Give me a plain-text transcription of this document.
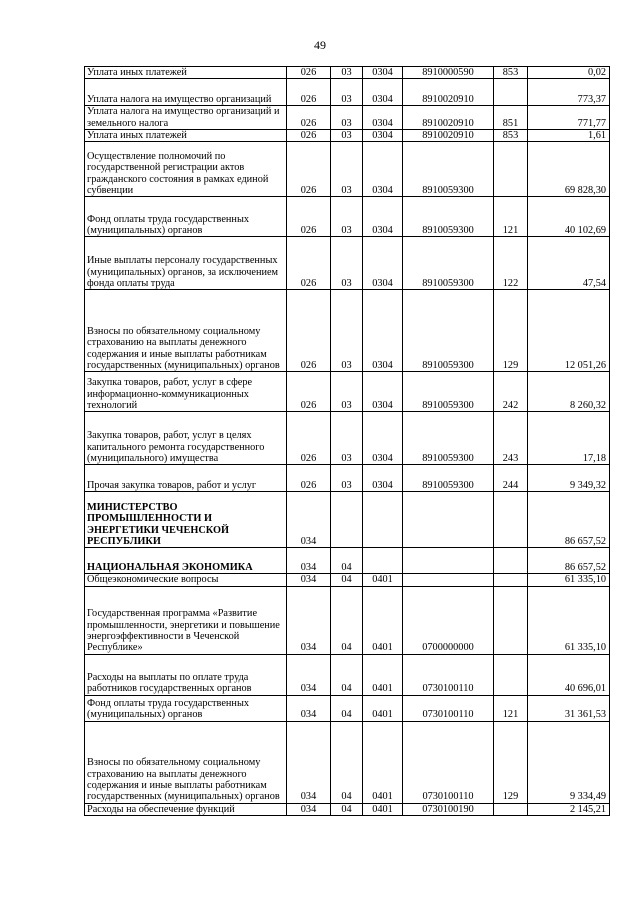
49
Уплата иных платежей	026	03	0304	8910000590	853	0,02
Уплата налога на имущество организаций	026	03	0304	8910020910		773,37
Уплата налога на имущество организаций и земельного налога	026	03	0304	8910020910	851	771,77
Уплата иных платежей	026	03	0304	8910020910	853	1,61
Осуществление полномочий по государственной регистрации актов гражданского состояния в рамках единой субвенции	026	03	0304	8910059300		69 828,30
Фонд оплаты труда государственных (муниципальных) органов	026	03	0304	8910059300	121	40 102,69
Иные выплаты персоналу государственных (муниципальных) органов, за исключением фонда оплаты труда	026	03	0304	8910059300	122	47,54
Взносы по обязательному социальному страхованию на выплаты денежного содержания и иные выплаты работникам государственных (муниципальных) органов	026	03	0304	8910059300	129	12 051,26
Закупка товаров, работ, услуг в сфере информационно-коммуникационных технологий	026	03	0304	8910059300	242	8 260,32
Закупка товаров, работ, услуг в целях капитального ремонта государственного (муниципального) имущества	026	03	0304	8910059300	243	17,18
Прочая закупка товаров, работ и услуг	026	03	0304	8910059300	244	9 349,32
МИНИСТЕРСТВО ПРОМЫШЛЕННОСТИ И ЭНЕРГЕТИКИ ЧЕЧЕНСКОЙ РЕСПУБЛИКИ	034					86 657,52
НАЦИОНАЛЬНАЯ ЭКОНОМИКА	034	04				86 657,52
Общеэкономические вопросы	034	04	0401			61 335,10
Государственная программа «Развитие промышленности, энергетики и повышение энергоэффективности в Чеченской Республике»	034	04	0401	0700000000		61 335,10
Расходы на выплаты по оплате труда работников государственных органов	034	04	0401	0730100110		40 696,01
Фонд оплаты труда государственных (муниципальных) органов	034	04	0401	0730100110	121	31 361,53
Взносы по обязательному социальному страхованию на выплаты денежного содержания и иные выплаты работникам государственных (муниципальных) органов	034	04	0401	0730100110	129	9 334,49
Расходы на обеспечение функций	034	04	0401	0730100190		2 145,21
